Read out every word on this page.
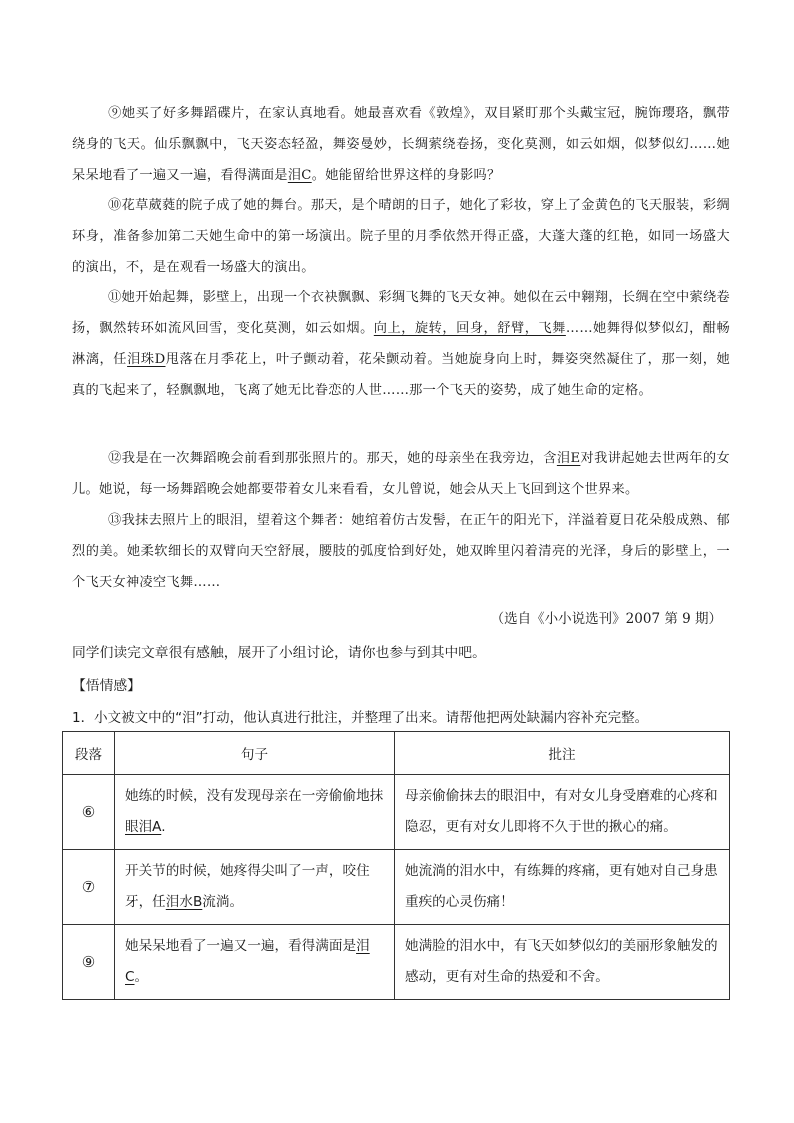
⑨她买了好多舞蹈碟片，在家认真地看。她最喜欢看《敦煌》，双目紧盯那个头戴宝冠，腕饰璎珞，飘带绕身的飞天。仙乐飘飘中，飞天姿态轻盈，舞姿曼妙，长绸萦绕卷扬，变化莫测，如云如烟，似梦似幻……她呆呆地看了一遍又一遍，看得满面是泪C。她能留给世界这样的身影吗？
⑩花草葳蕤的院子成了她的舞台。那天，是个晴朗的日子，她化了彩妆，穿上了金黄色的飞天服装，彩绸环身，准备参加第二天她生命中的第一场演出。院子里的月季依然开得正盛，大蓬大蓬的红艳，如同一场盛大的演出，不，是在观看一场盛大的演出。
⑪她开始起舞，影壁上，出现一个衣袂飘飘、彩绸飞舞的飞天女神。她似在云中翱翔，长绸在空中萦绕卷扬，飘然转环如流风回雪，变化莫测，如云如烟。向上，旋转，回身，舒臂，飞舞……她舞得似梦似幻，酣畅淋漓，任泪珠D甩落在月季花上，叶子颤动着，花朵颤动着。当她旋身向上时，舞姿突然凝住了，那一刻，她真的飞起来了，轻飘飘地，飞离了她无比眷恋的人世……那一个飞天的姿势，成了她生命的定格。
⑫我是在一次舞蹈晚会前看到那张照片的。那天，她的母亲坐在我旁边，含泪E对我讲起她去世两年的女儿。她说，每一场舞蹈晚会她都要带着女儿来看看，女儿曾说，她会从天上飞回到这个世界来。
⑬我抹去照片上的眼泪，望着这个舞者：她绾着仿古发髻，在正午的阳光下，洋溢着夏日花朵般成熟、郁烈的美。她柔软细长的双臂向天空舒展，腰肢的弧度恰到好处，她双眸里闪着清亮的光泽，身后的影壁上，一个飞天女神凌空飞舞……
（选自《小小说选刊》2007 第 9 期）
同学们读完文章很有感触，展开了小组讨论，请你也参与到其中吧。
【悟情感】
1．小文被文中的“泪”打动，他认真进行批注，并整理了出来。请帮他把两处缺漏内容补充完整。
段落	句子	批注
⑥	她练的时候，没有发现母亲在一旁偷偷地抹眼泪A.	母亲偷偷抹去的眼泪中，有对女儿身受磨难的心疼和隐忍，更有对女儿即将不久于世的揪心的痛。
⑦	开关节的时候，她疼得尖叫了一声，咬住牙，任泪水B流淌。	她流淌的泪水中，有练舞的疼痛，更有她对自己身患重疾的心灵伤痛！
⑨	她呆呆地看了一遍又一遍，看得满面是泪C。	她满脸的泪水中，有飞天如梦似幻的美丽形象触发的感动，更有对生命的热爱和不舍。
